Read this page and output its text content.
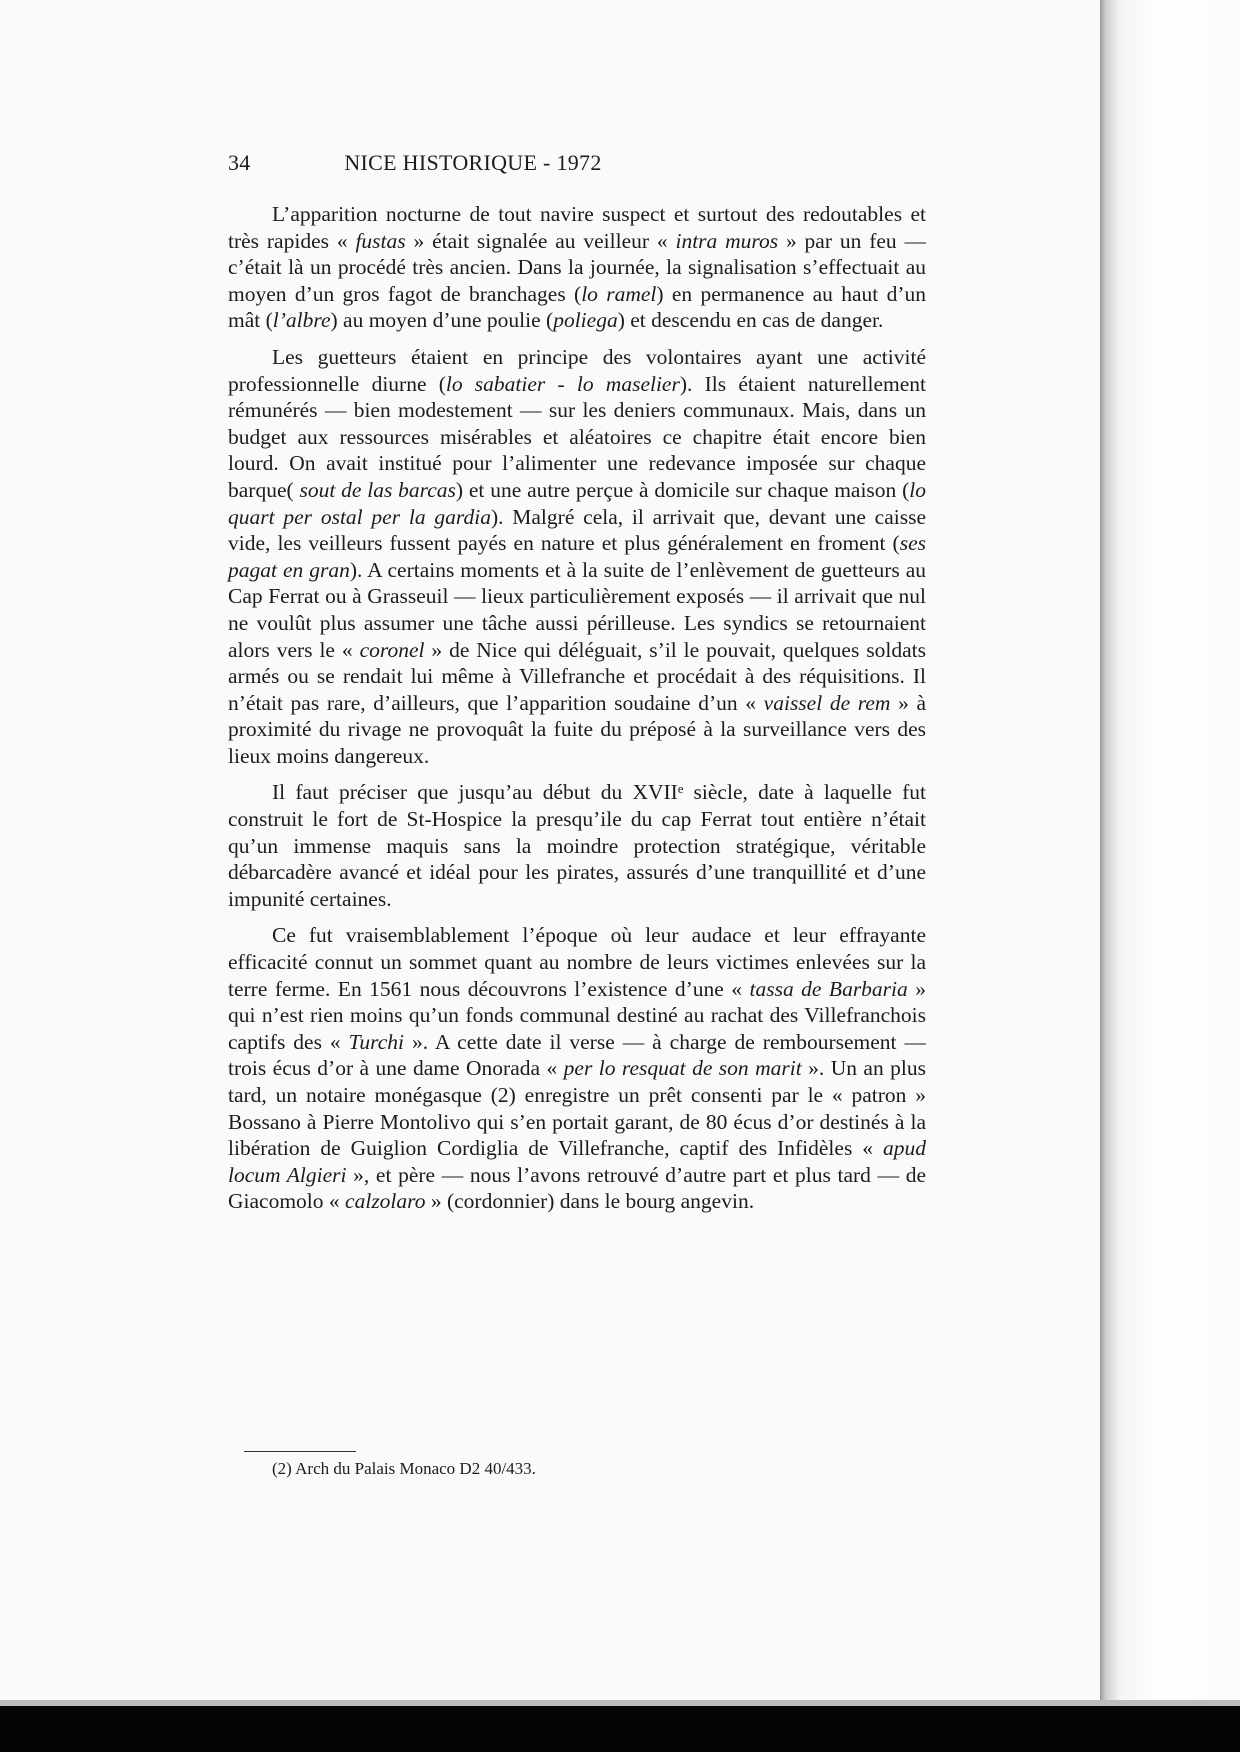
34	NICE HISTORIQUE - 1972

L’apparition nocturne de tout navire suspect et surtout des redoutables et très rapides « fustas » était signalée au veilleur « intra muros » par un feu — c’était là un procédé très ancien. Dans la journée, la signalisation s’effectuait au moyen d’un gros fagot de branchages (lo ramel) en permanence au haut d’un mât (l’albre) au moyen d’une poulie (poliega) et descendu en cas de danger.

Les guetteurs étaient en principe des volontaires ayant une activité professionnelle diurne (lo sabatier - lo maselier). Ils étaient naturellement rémunérés — bien modestement — sur les deniers communaux. Mais, dans un budget aux ressources misérables et aléatoires ce chapitre était encore bien lourd. On avait institué pour l’alimenter une redevance imposée sur chaque barque( sout de las barcas) et une autre perçue à domicile sur chaque maison (lo quart per ostal per la gardia). Malgré cela, il arrivait que, devant une caisse vide, les veilleurs fussent payés en nature et plus généralement en froment (ses pagat en gran). A certains moments et à la suite de l’enlèvement de guetteurs au Cap Ferrat ou à Grasseuil — lieux particulièrement exposés — il arrivait que nul ne voulût plus assumer une tâche aussi périlleuse. Les syndics se retournaient alors vers le « coronel » de Nice qui déléguait, s’il le pouvait, quelques soldats armés ou se rendait lui même à Villefranche et procédait à des réquisitions. Il n’était pas rare, d’ailleurs, que l’apparition soudaine d’un « vaissel de rem » à proximité du rivage ne provoquât la fuite du préposé à la surveillance vers des lieux moins dangereux.

Il faut préciser que jusqu’au début du XVIIᵉ siècle, date à laquelle fut construit le fort de St-Hospice la presqu’ile du cap Ferrat tout entière n’était qu’un immense maquis sans la moindre protection stratégique, véritable débarcadère avancé et idéal pour les pirates, assurés d’une tranquillité et d’une impunité certaines.

Ce fut vraisemblablement l’époque où leur audace et leur effrayante efficacité connut un sommet quant au nombre de leurs victimes enlevées sur la terre ferme. En 1561 nous découvrons l’existence d’une « tassa de Barbaria » qui n’est rien moins qu’un fonds communal destiné au rachat des Villefranchois captifs des « Turchi ». A cette date il verse — à charge de remboursement — trois écus d’or à une dame Onorada « per lo resquat de son marit ». Un an plus tard, un notaire monégasque (2) enregistre un prêt consenti par le « patron » Bossano à Pierre Montolivo qui s’en portait garant, de 80 écus d’or destinés à la libération de Guiglion Cordiglia de Villefranche, captif des Infidèles « apud locum Algieri », et père — nous l’avons retrouvé d’autre part et plus tard — de Giacomolo « calzolaro » (cordonnier) dans le bourg angevin.

(2) Arch du Palais Monaco D2 40/433.
